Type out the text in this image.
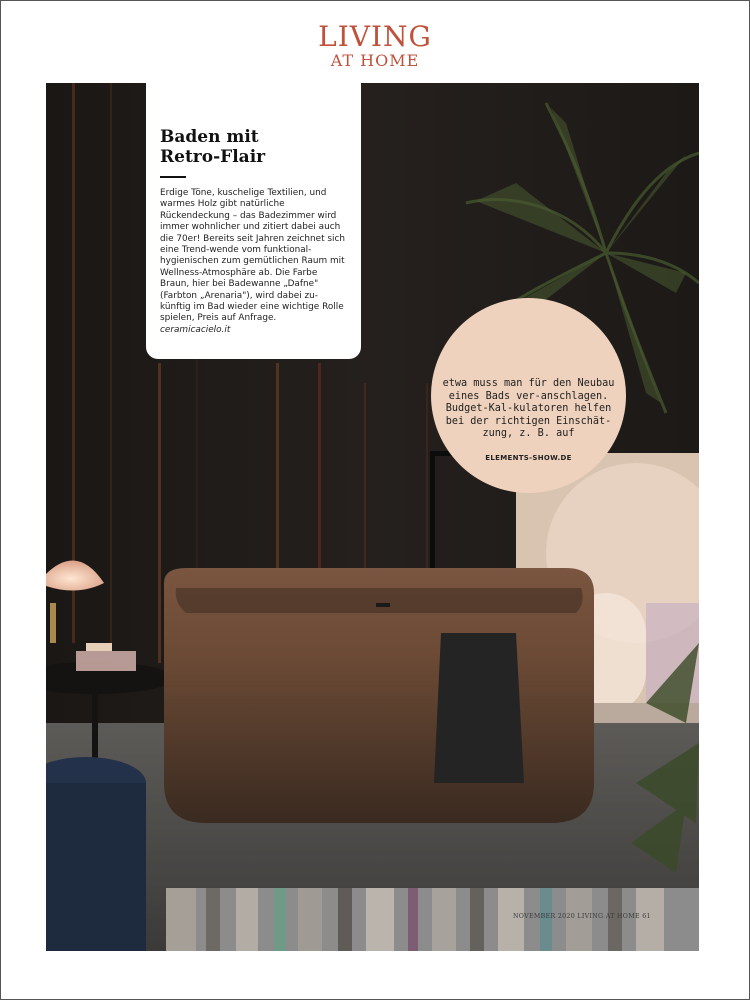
LIVING
AT HOME
Baden mit Retro-Flair

Erdige Töne, kuschelige Textilien, und warmes Holz gibt natürliche Rückendeckung – das Badezimmer wird immer wohnlicher und zitiert dabei auch die 70er! Bereits seit Jahren zeichnet sich eine Trend-wende vom funktional-hygienischen zum gemütlichen Raum mit Wellness-Atmosphäre ab. Die Farbe Braun, hier bei Badewanne „Dafne" (Farbton „Arenaria"), wird dabei zu-künftig im Bad wieder eine wichtige Rolle spielen, Preis auf Anfrage. ceramicacielo.it

etwa muss man für den Neubau eines Bads ver-anschlagen. Budget-Kal-kulatoren helfen bei der richtigen Einschät-zung, z. B. auf

ELEMENTS-SHOW.DE
NOVEMBER 2020 LIVING AT HOME 61
